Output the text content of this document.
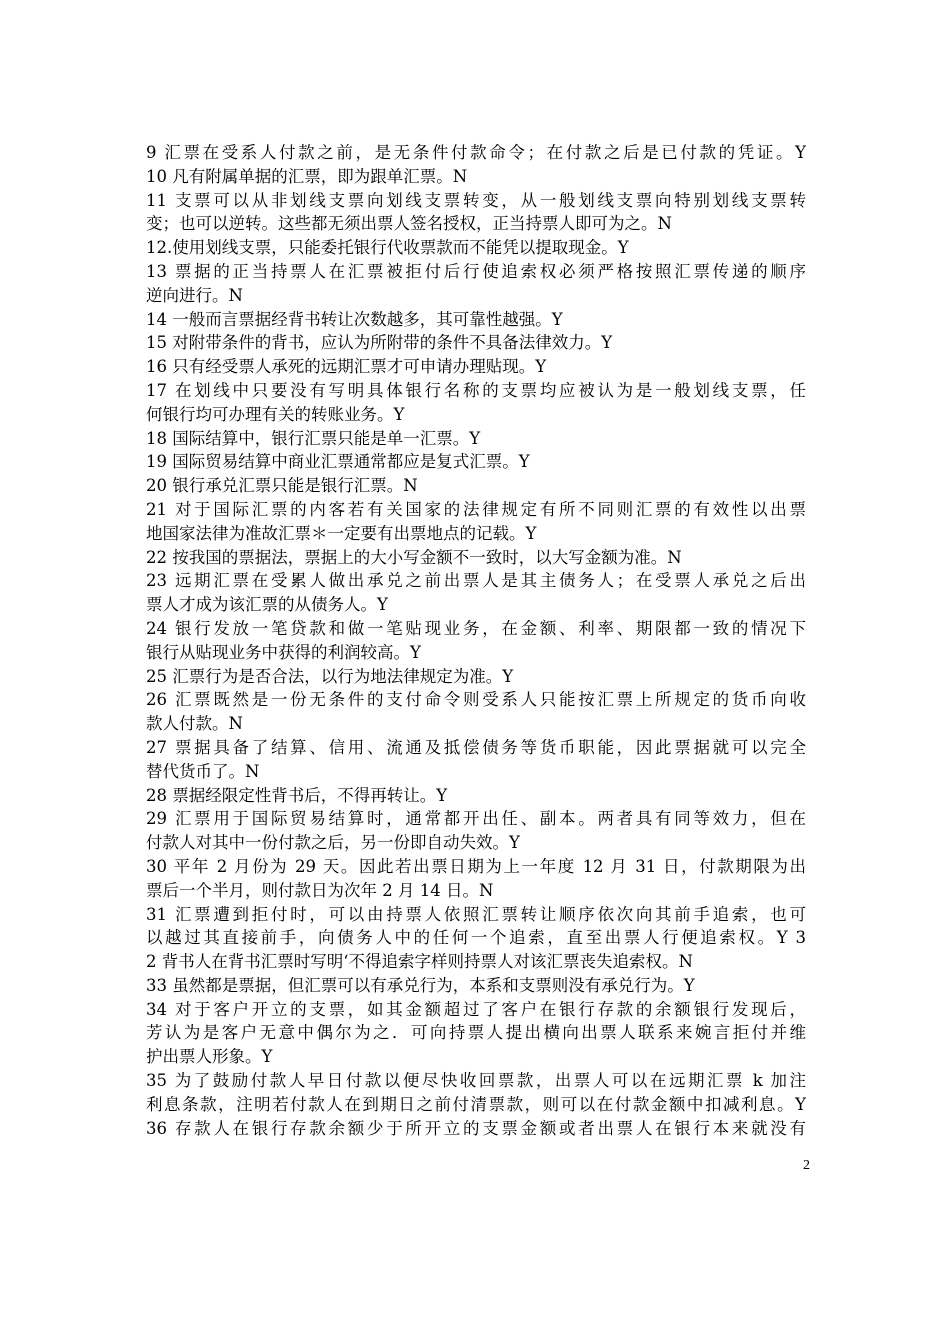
9 汇票在受系人付款之前，是无条件付款命令；在付款之后是已付款的凭证。Y
10 凡有附属单据的汇票，即为跟单汇票。N
11 支票可以从非划线支票向划线支票转变，从一般划线支票向特别划线支票转
变；也可以逆转。这些都无须出票人签名授权，正当持票人即可为之。N
12.使用划线支票，只能委托银行代收票款而不能凭以提取现金。Y
13 票据的正当持票人在汇票被拒付后行使追索权必须严格按照汇票传递的顺序
逆向进行。N
14 一般而言票据经背书转让次数越多，其可靠性越强。Y
15 对附带条件的背书，应认为所附带的条件不具备法律效力。Y
16 只有经受票人承死的远期汇票才可申请办理贴现。Y
17 在划线中只要没有写明具体银行名称的支票均应被认为是一般划线支票，任
何银行均可办理有关的转账业务。Y
18 国际结算中，银行汇票只能是单一汇票。Y
19 国际贸易结算中商业汇票通常都应是复式汇票。Y
20 银行承兑汇票只能是银行汇票。N
21 对于国际汇票的内客若有关国家的法律规定有所不同则汇票的有效性以出票
地国家法律为准故汇票＊一定要有出票地点的记载。Y
22 按我国的票据法，票据上的大小写金额不一致时，以大写金额为准。N
23 远期汇票在受累人做出承兑之前出票人是其主债务人；在受票人承兑之后出
票人才成为该汇票的从债务人。Y
24 银行发放一笔贷款和做一笔贴现业务，在金额、利率、期限都一致的情况下
银行从贴现业务中获得的利润较高。Y
25 汇票行为是否合法，以行为地法律规定为准。Y
26 汇票既然是一份无条件的支付命令则受系人只能按汇票上所规定的货币向收
款人付款。N
27 票据具备了结算、信用、流通及抵偿债务等货币职能，因此票据就可以完全
替代货币了。N
28 票据经限定性背书后，不得再转让。Y
29 汇票用于国际贸易结算时，通常都开出任、副本。两者具有同等效力，但在
付款人对其中一份付款之后，另一份即自动失效。Y
30 平年 2 月份为 29 天。因此若出票日期为上一年度 12 月 31 日，付款期限为出
票后一个半月，则付款日为次年 2 月 14 日。N
31 汇票遭到拒付时，可以由持票人依照汇票转让顺序依次向其前手追索，也可
以越过其直接前手，向债务人中的任何一个追索，直至出票人行便追索权。Y 3
2 背书人在背书汇票时写明‘不得追索字样则持票人对该汇票丧失追索权。N
33 虽然都是票据，但汇票可以有承兑行为，本系和支票则没有承兑行为。Y
34 对于客户开立的支票，如其金额超过了客户在银行存款的余额银行发现后，
芳认为是客户无意中偶尔为之．可向持票人提出横向出票人联系来婉言拒付并维
护出票人形象。Y
35 为了鼓励付款人早日付款以便尽快收回票款，出票人可以在远期汇票 k 加注
利息条款，注明若付款人在到期日之前付清票款，则可以在付款金额中扣减利息。Y
36 存款人在银行存款余额少于所开立的支票金额或者出票人在银行本来就没有
2
